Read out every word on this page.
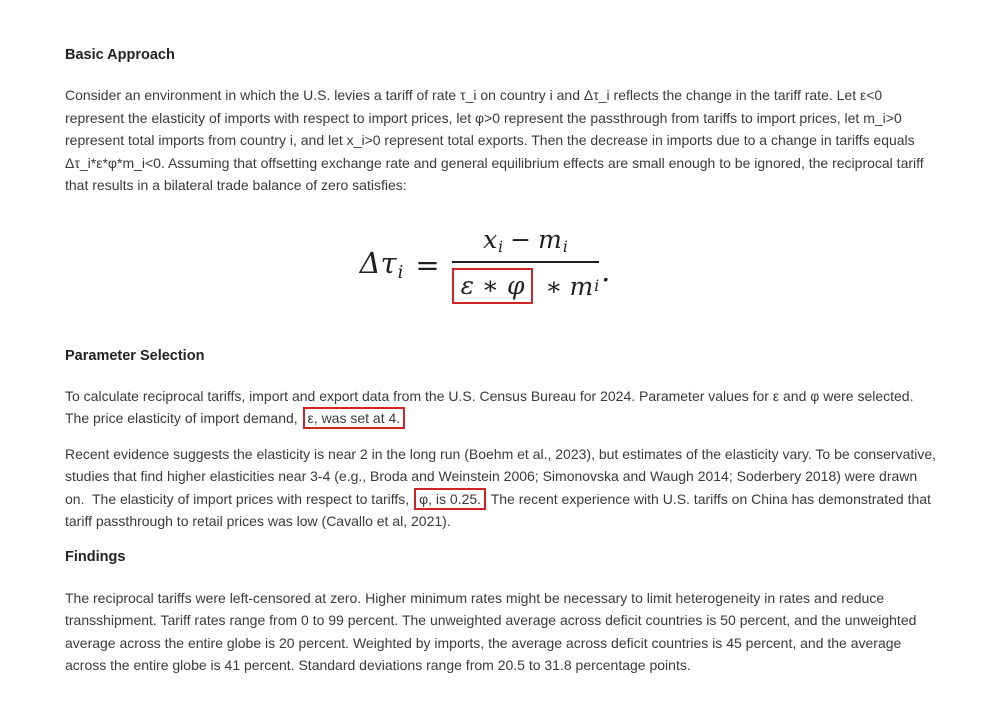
Basic Approach

Consider an environment in which the U.S. levies a tariff of rate τ_i on country i and Δτ_i reflects the change in the tariff rate. Let ε<0 represent the elasticity of imports with respect to import prices, let φ>0 represent the passthrough from tariffs to import prices, let m_i>0 represent total imports from country i, and let x_i>0 represent total exports. Then the decrease in imports due to a change in tariffs equals Δτ_i*ε*φ*m_i<0. Assuming that offsetting exchange rate and general equilibrium effects are small enough to be ignored, the reciprocal tariff that results in a bilateral trade balance of zero satisfies:

$\Delta\tau i = \frac{xi - mi}{\text{ε ∗ φ ∗ m i}}$ .
Parameter Selection

To calculate reciprocal tariffs, import and export data from the U.S. Census Bureau for 2024. Parameter values for ε and φ were selected. The price elasticity of import demand, ε, was set at 4.

Recent evidence suggests the elasticity is near 2 in the long run (Boehm et al., 2023), but estimates of the elasticity vary. To be conservative, studies that find higher elasticities near 3-4 (e.g., Broda and Weinstein 2006; Simonovska and Waugh 2014; Soderbery 2018) were drawn on.  The elasticity of import prices with respect to tariffs, φ, is 0.25. The recent experience with U.S. tariffs on China has demonstrated that tariff passthrough to retail prices was low (Cavallo et al, 2021).

Findings

The reciprocal tariffs were left-censored at zero. Higher minimum rates might be necessary to limit heterogeneity in rates and reduce transshipment. Tariff rates range from 0 to 99 percent. The unweighted average across deficit countries is 50 percent, and the unweighted average across the entire globe is 20 percent. Weighted by imports, the average across deficit countries is 45 percent, and the average across the entire globe is 41 percent. Standard deviations range from 20.5 to 31.8 percentage points.
